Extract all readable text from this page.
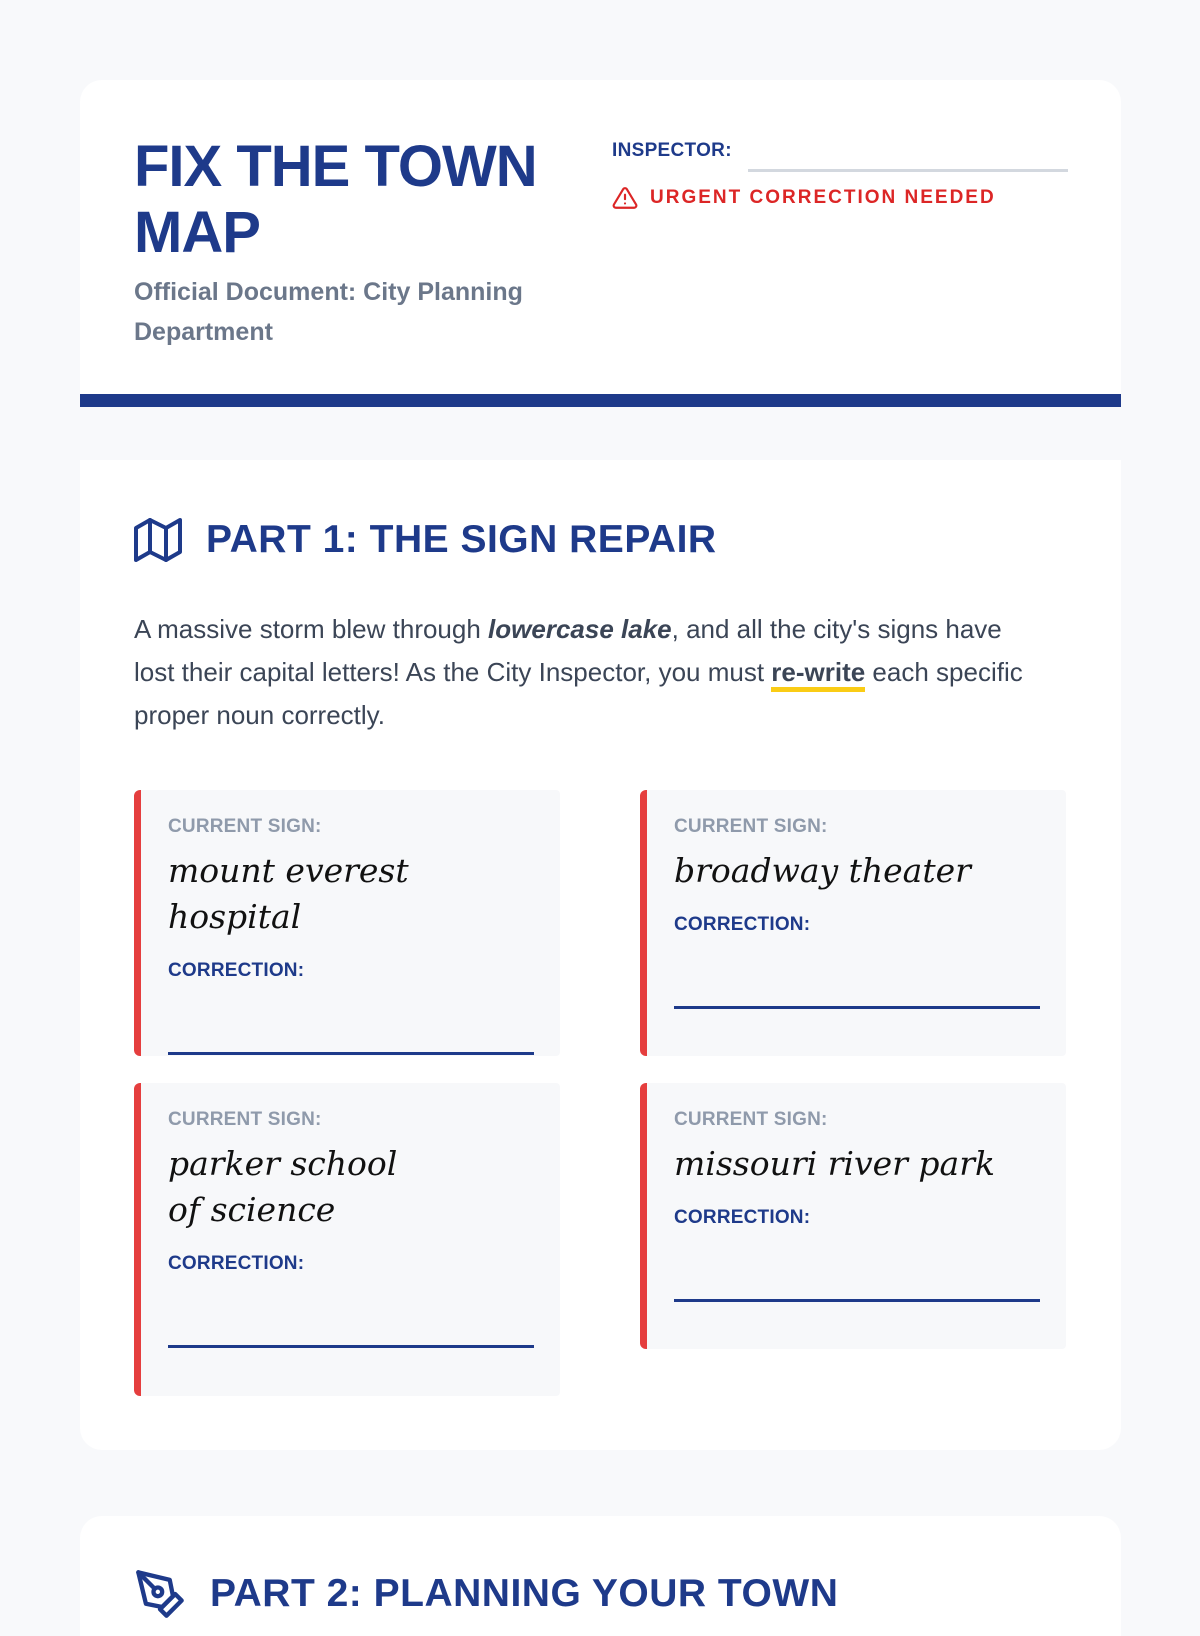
FIX THE TOWN MAP
Official Document: City Planning Department
INSPECTOR:
URGENT CORRECTION NEEDED
PART 1: THE SIGN REPAIR
A massive storm blew through lowercase lake, and all the city's signs have lost their capital letters! As the City Inspector, you must re-write each specific proper noun correctly.
CURRENT SIGN:
mount everest hospital
CORRECTION:
CURRENT SIGN:
broadway theater
CORRECTION:
CURRENT SIGN:
parker school of science
CORRECTION:
CURRENT SIGN:
missouri river park
CORRECTION:
PART 2: PLANNING YOUR TOWN
